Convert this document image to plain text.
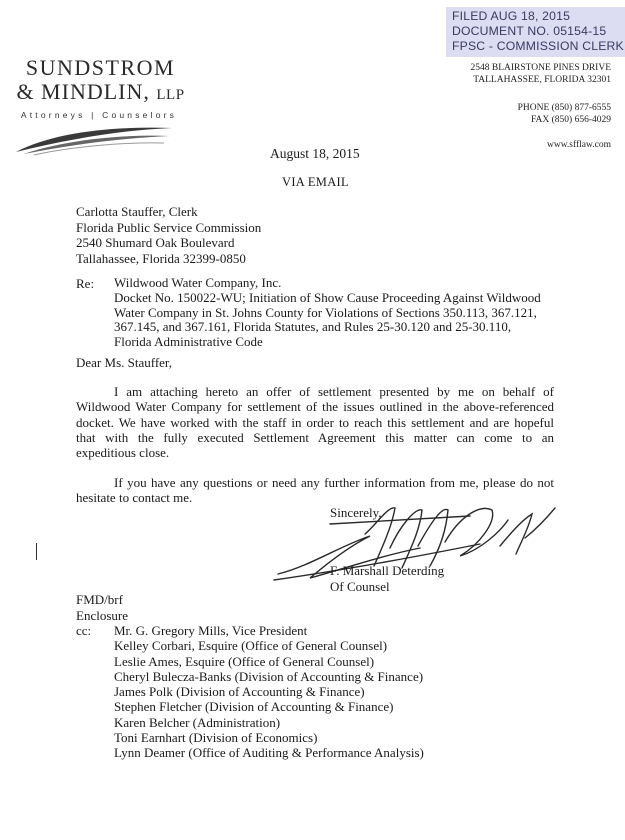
FILED AUG 18, 2015
DOCUMENT NO. 05154-15
FPSC - COMMISSION CLERK
SUNDSTROM
& MINDLIN, LLP
Attorneys | Counselors
2548 BLAIRSTONE PINES DRIVE
TALLAHASSEE, FLORIDA 32301
PHONE (850) 877-6555
FAX (850) 656-4029
www.sfflaw.com
August 18, 2015
VIA EMAIL
Carlotta Stauffer, Clerk
Florida Public Service Commission
2540 Shumard Oak Boulevard
Tallahassee, Florida 32399-0850
Re: Wildwood Water Company, Inc.
Docket No. 150022-WU; Initiation of Show Cause Proceeding Against Wildwood
Water Company in St. Johns County for Violations of Sections 350.113, 367.121,
367.145, and 367.161, Florida Statutes, and Rules 25-30.120 and 25-30.110,
Florida Administrative Code
Dear Ms. Stauffer,
I am attaching hereto an offer of settlement presented by me on behalf of
Wildwood Water Company for settlement of the issues outlined in the above-referenced
docket. We have worked with the staff in order to reach this settlement and are hopeful
that with the fully executed Settlement Agreement this matter can come to an
expeditious close.
If you have any questions or need any further information from me, please do not
hesitate to contact me.
Sincerely,
F. Marshall Deterding
Of Counsel
FMD/brf
Enclosure
cc: Mr. G. Gregory Mills, Vice President
Kelley Corbari, Esquire (Office of General Counsel)
Leslie Ames, Esquire (Office of General Counsel)
Cheryl Bulecza-Banks (Division of Accounting & Finance)
James Polk (Division of Accounting & Finance)
Stephen Fletcher (Division of Accounting & Finance)
Karen Belcher (Administration)
Toni Earnhart (Division of Economics)
Lynn Deamer (Office of Auditing & Performance Analysis)
